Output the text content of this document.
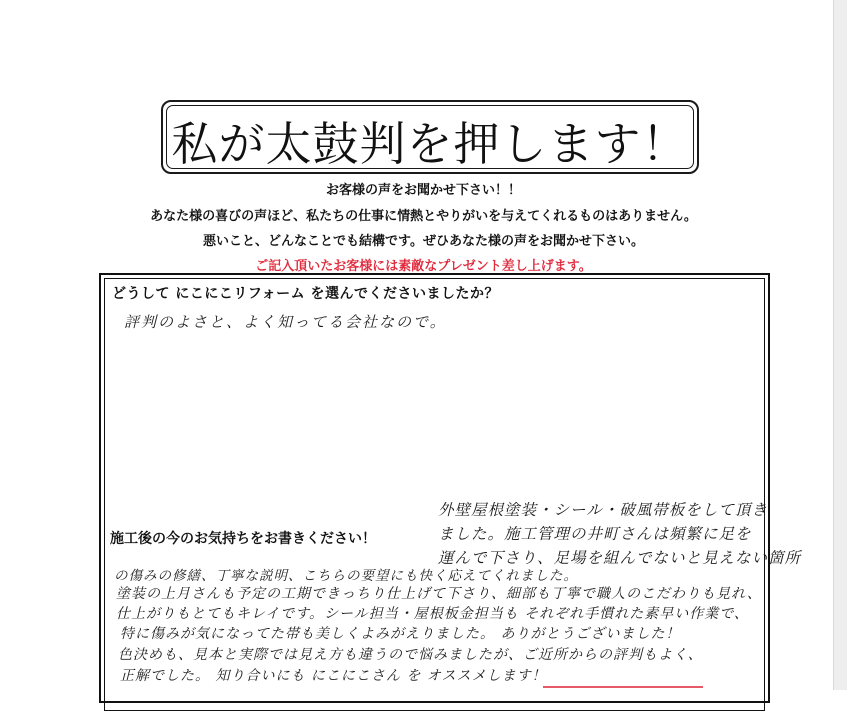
私が太鼓判を押します！
お客様の声をお聞かせ下さい！！
あなた様の喜びの声ほど、私たちの仕事に情熱とやりがいを与えてくれるものはありません。
悪いこと、どんなことでも結構です。ぜひあなた様の声をお聞かせ下さい。
ご記入頂いたお客様には素敵なプレゼント差し上げます。
どうして にこにこリフォーム を選んでくださいましたか？
評判のよさと、よく知ってる会社なので。
外壁屋根塗装・シール・破風帯板をして頂き
ました。施工管理の井町さんは頻繁に足を
運んで下さり、足場を組んでないと見えない箇所
施工後の今のお気持ちをお書きください！
の傷みの修繕、丁寧な説明、こちらの要望にも快く応えてくれました。
塗装の上月さんも予定の工期できっちり仕上げて下さり、細部も丁寧で職人のこだわりも見れ、
仕上がりもとてもキレイです。シール担当・屋根板金担当も それぞれ手慣れた素早い作業で、
特に傷みが気になってた帯も美しくよみがえりました。 ありがとうございました！
色決めも、見本と実際では見え方も違うので悩みましたが、ご近所からの評判もよく、
正解でした。 知り合いにも にこにこさん を オススメします！
